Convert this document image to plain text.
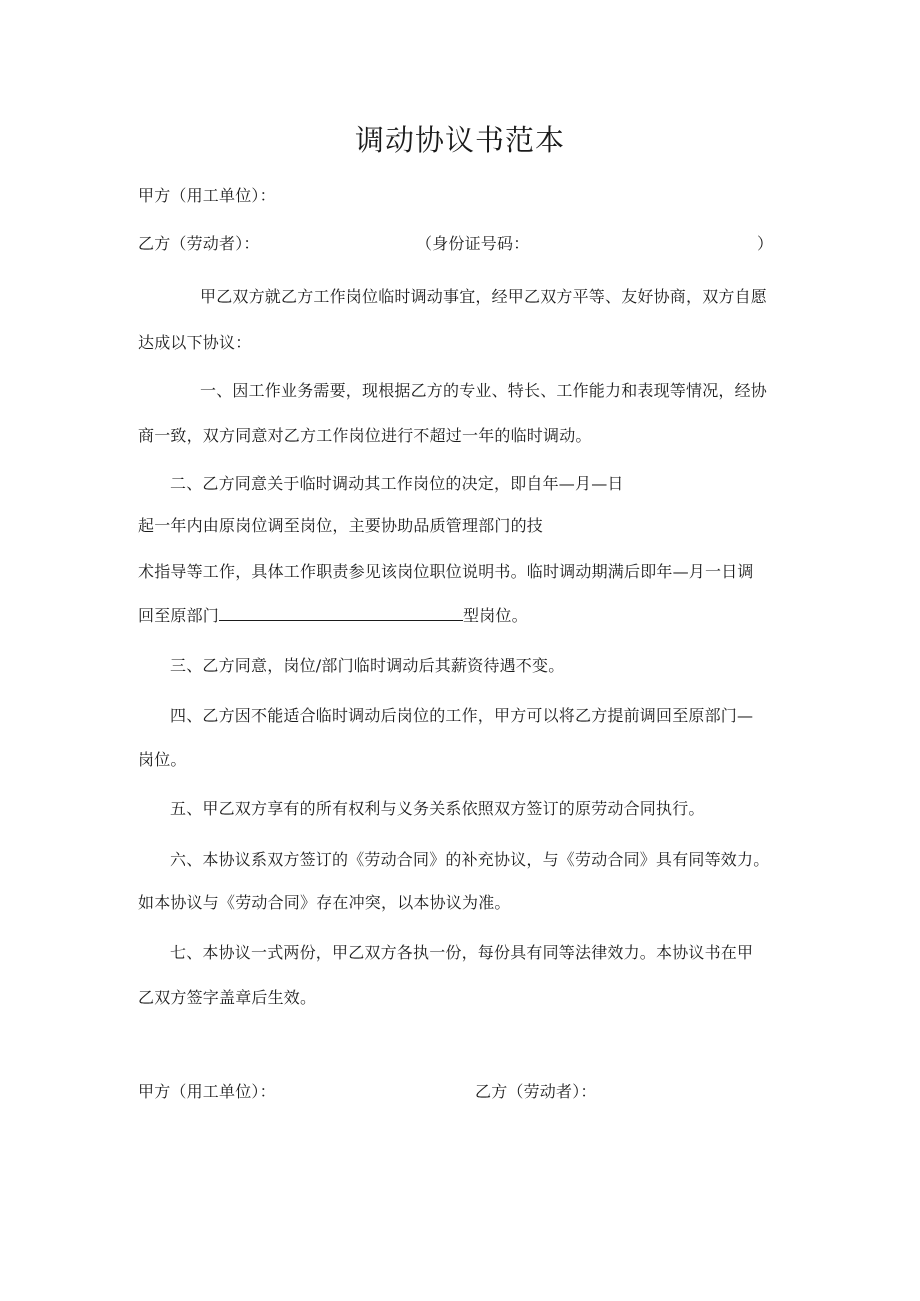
调动协议书范本
甲方（用工单位）：
乙方（劳动者）：	（身份证号码：	）
甲乙双方就乙方工作岗位临时调动事宜，经甲乙双方平等、友好协商，双方自愿
达成以下协议：
一、因工作业务需要，现根据乙方的专业、特长、工作能力和表现等情况，经协
商一致，双方同意对乙方工作岗位进行不超过一年的临时调动。
二、乙方同意关于临时调动其工作岗位的决定，即自年—月—日
起一年内由原岗位调至岗位，主要协助品质管理部门的技
术指导等工作，具体工作职责参见该岗位职位说明书。临时调动期满后即年—月一日调
回至原部门	型岗位。
三、乙方同意，岗位/部门临时调动后其薪资待遇不变。
四、乙方因不能适合临时调动后岗位的工作，甲方可以将乙方提前调回至原部门—
岗位。
五、甲乙双方享有的所有权利与义务关系依照双方签订的原劳动合同执行。
六、本协议系双方签订的《劳动合同》的补充协议，与《劳动合同》具有同等效力。
如本协议与《劳动合同》存在冲突，以本协议为准。
七、本协议一式两份，甲乙双方各执一份，每份具有同等法律效力。本协议书在甲
乙双方签字盖章后生效。
甲方（用工单位）：	乙方（劳动者）：
